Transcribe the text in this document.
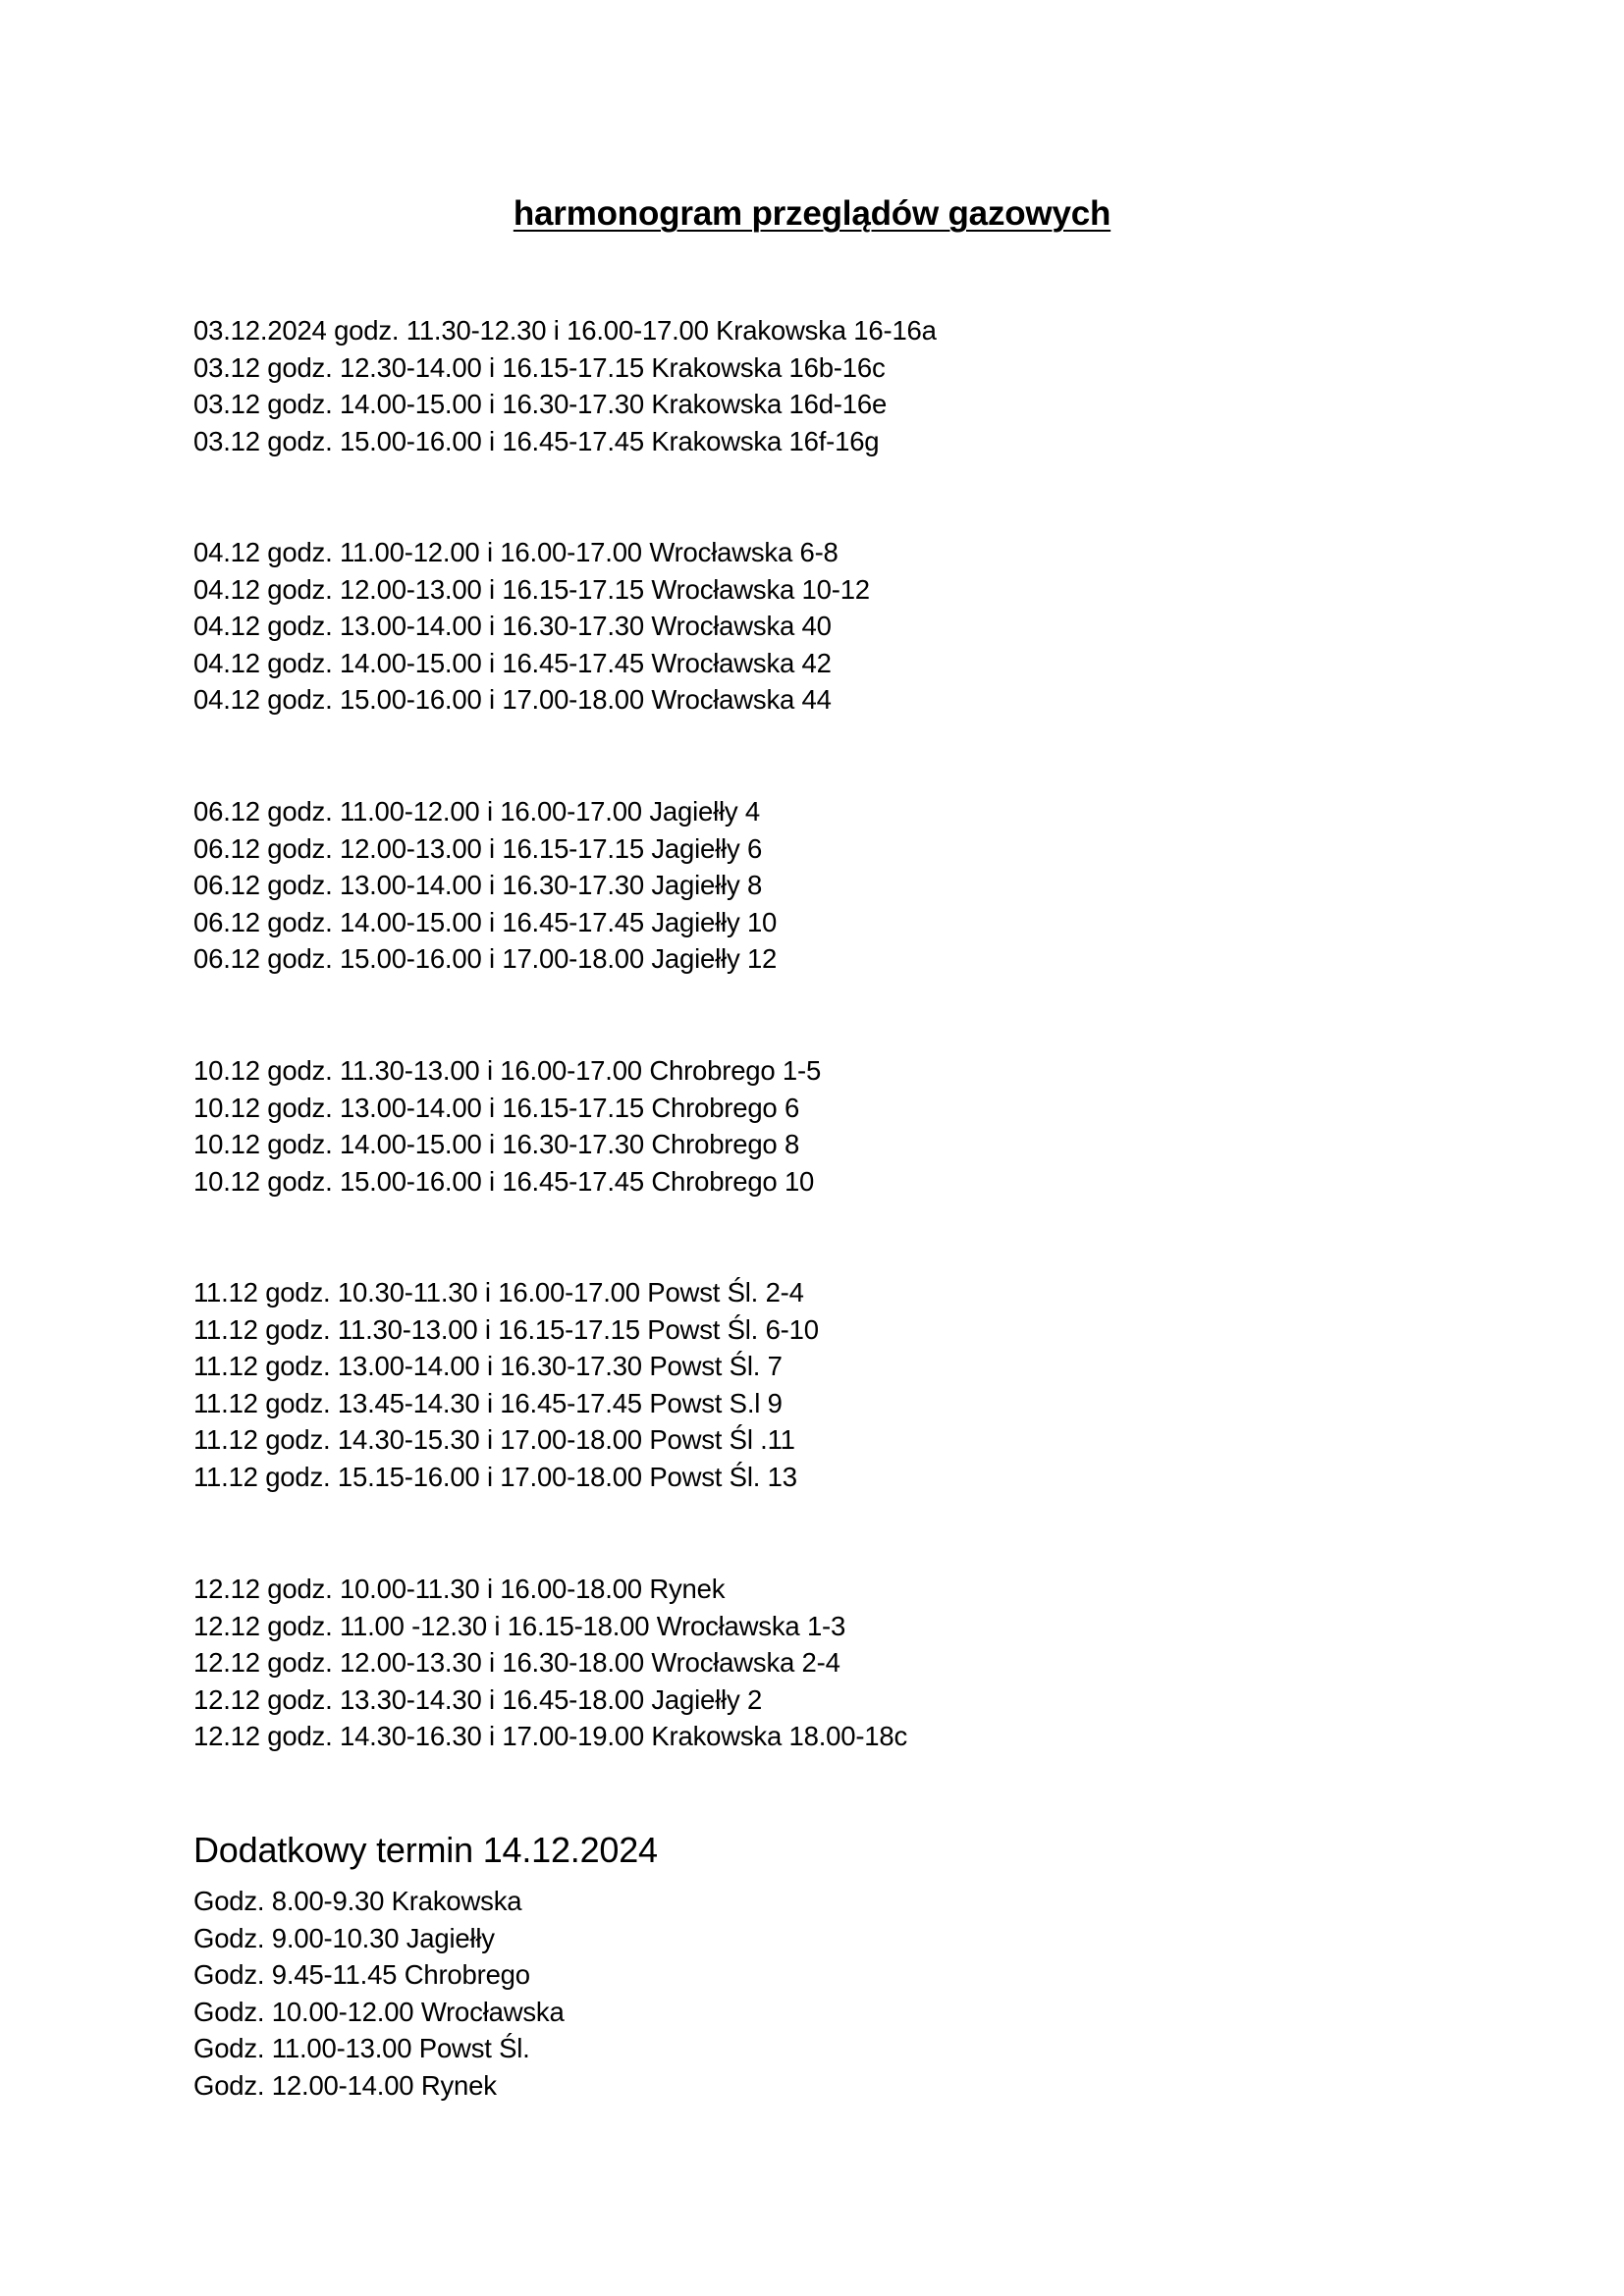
harmonogram przeglądów gazowych
03.12.2024 godz. 11.30-12.30 i 16.00-17.00 Krakowska 16-16a
03.12 godz. 12.30-14.00 i 16.15-17.15 Krakowska 16b-16c
03.12 godz. 14.00-15.00 i 16.30-17.30 Krakowska 16d-16e
03.12 godz. 15.00-16.00 i 16.45-17.45 Krakowska 16f-16g
04.12 godz. 11.00-12.00 i 16.00-17.00 Wrocławska 6-8
04.12 godz. 12.00-13.00 i 16.15-17.15 Wrocławska 10-12
04.12 godz. 13.00-14.00 i 16.30-17.30 Wrocławska 40
04.12 godz. 14.00-15.00 i 16.45-17.45 Wrocławska 42
04.12 godz. 15.00-16.00 i 17.00-18.00 Wrocławska 44
06.12 godz. 11.00-12.00 i 16.00-17.00 Jagiełły 4
06.12 godz. 12.00-13.00 i 16.15-17.15 Jagiełły 6
06.12 godz. 13.00-14.00 i 16.30-17.30 Jagiełły 8
06.12 godz. 14.00-15.00 i 16.45-17.45 Jagiełły 10
06.12 godz. 15.00-16.00 i 17.00-18.00 Jagiełły 12
10.12 godz. 11.30-13.00 i 16.00-17.00 Chrobrego 1-5
10.12 godz. 13.00-14.00 i 16.15-17.15 Chrobrego 6
10.12 godz. 14.00-15.00 i 16.30-17.30 Chrobrego 8
10.12 godz. 15.00-16.00 i 16.45-17.45 Chrobrego 10
11.12 godz. 10.30-11.30 i 16.00-17.00 Powst Śl. 2-4
11.12 godz. 11.30-13.00 i 16.15-17.15 Powst Śl. 6-10
11.12 godz. 13.00-14.00 i 16.30-17.30 Powst Śl. 7
11.12 godz. 13.45-14.30 i 16.45-17.45 Powst S.l 9
11.12 godz. 14.30-15.30 i 17.00-18.00 Powst Śl .11
11.12 godz. 15.15-16.00 i 17.00-18.00 Powst Śl. 13
12.12 godz. 10.00-11.30 i 16.00-18.00 Rynek
12.12 godz. 11.00 -12.30 i 16.15-18.00 Wrocławska 1-3
12.12 godz. 12.00-13.30 i 16.30-18.00 Wrocławska 2-4
12.12 godz. 13.30-14.30 i 16.45-18.00 Jagiełły 2
12.12 godz. 14.30-16.30 i 17.00-19.00 Krakowska 18.00-18c
Dodatkowy termin 14.12.2024
Godz. 8.00-9.30 Krakowska
Godz. 9.00-10.30 Jagiełły
Godz. 9.45-11.45 Chrobrego
Godz. 10.00-12.00 Wrocławska
Godz. 11.00-13.00 Powst Śl.
Godz. 12.00-14.00 Rynek
